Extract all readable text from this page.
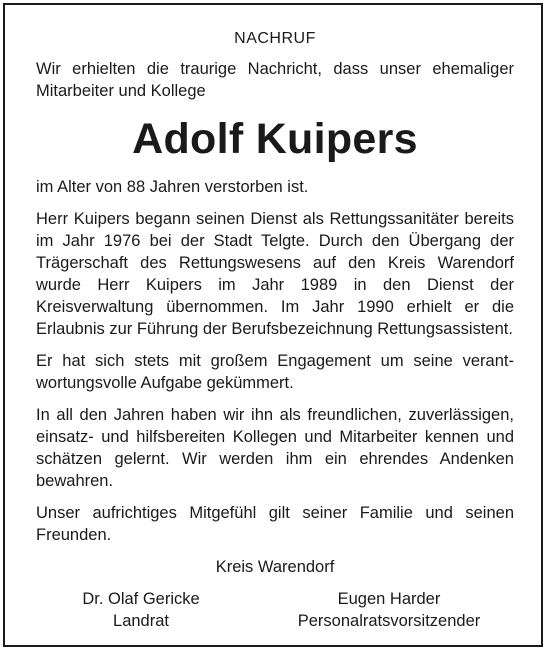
NACHRUF

Wir erhielten die traurige Nachricht, dass unser ehemaliger Mitarbeiter und Kollege

Adolf Kuipers

im Alter von 88 Jahren verstorben ist.

Herr Kuipers begann seinen Dienst als Rettungssanitäter bereits im Jahr 1976 bei der Stadt Telgte. Durch den Übergang der Trägerschaft des Rettungswesens auf den Kreis Warendorf wurde Herr Kuipers im Jahr 1989 in den Dienst der Kreisverwaltung übernommen. Im Jahr 1990 erhielt er die Erlaubnis zur Führung der Berufsbezeichnung Rettungsassistent.

Er hat sich stets mit großem Engagement um seine verantwortungsvolle Aufgabe gekümmert.

In all den Jahren haben wir ihn als freundlichen, zuverlässigen, einsatz- und hilfsbereiten Kollegen und Mitarbeiter kennen und schätzen gelernt. Wir werden ihm ein ehrendes Andenken bewahren.

Unser aufrichtiges Mitgefühl gilt seiner Familie und seinen Freunden.

Kreis Warendorf
Dr. Olaf Gericke
Landrat
Eugen Harder
Personalratsvorsitzender
